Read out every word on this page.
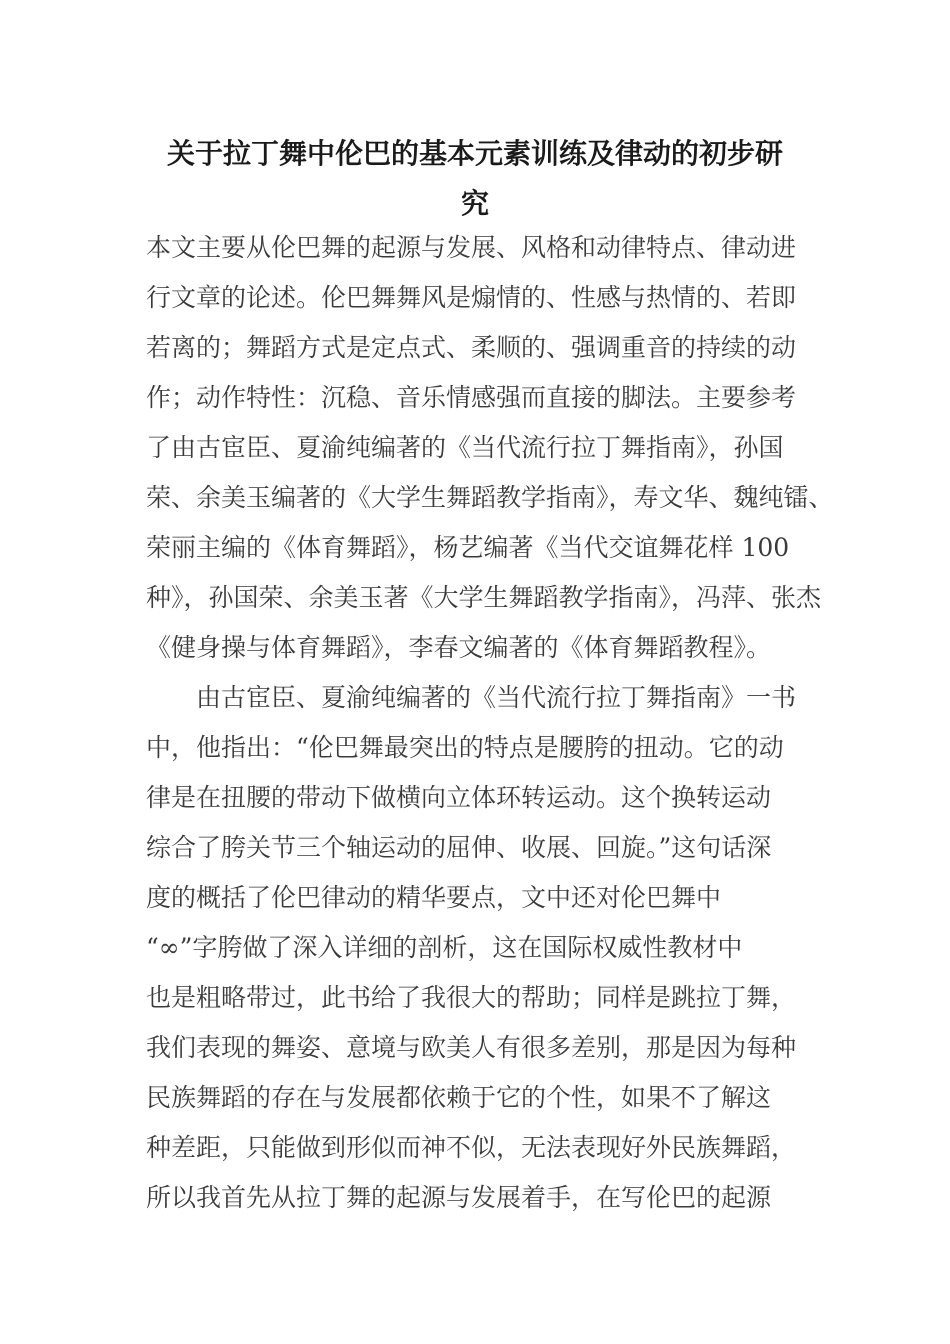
关于拉丁舞中伦巴的基本元素训练及律动的初步研
究

本文主要从伦巴舞的起源与发展、风格和动律特点、律动进

行文章的论述。伦巴舞舞风是煽情的、性感与热情的、若即

若离的；舞蹈方式是定点式、柔顺的、强调重音的持续的动

作；动作特性：沉稳、音乐情感强而直接的脚法。主要参考

了由古宦臣、夏渝纯编著的《当代流行拉丁舞指南》，孙国

荣、余美玉编著的《大学生舞蹈教学指南》，寿文华、魏纯镭、

荣丽主编的《体育舞蹈》，杨艺编著《当代交谊舞花样 100

种》，孙国荣、余美玉著《大学生舞蹈教学指南》，冯萍、张杰

《健身操与体育舞蹈》，李春文编著的《体育舞蹈教程》。

由古宦臣、夏渝纯编著的《当代流行拉丁舞指南》一书

中，他指出：“伦巴舞最突出的特点是腰胯的扭动。它的动

律是在扭腰的带动下做横向立体环转运动。这个换转运动

综合了胯关节三个轴运动的屈伸、收展、回旋。”这句话深

度的概括了伦巴律动的精华要点，文中还对伦巴舞中

“∞”字胯做了深入详细的剖析，这在国际权威性教材中

也是粗略带过，此书给了我很大的帮助；同样是跳拉丁舞，

我们表现的舞姿、意境与欧美人有很多差别，那是因为每种

民族舞蹈的存在与发展都依赖于它的个性，如果不了解这

种差距，只能做到形似而神不似，无法表现好外民族舞蹈，

所以我首先从拉丁舞的起源与发展着手，在写伦巴的起源
